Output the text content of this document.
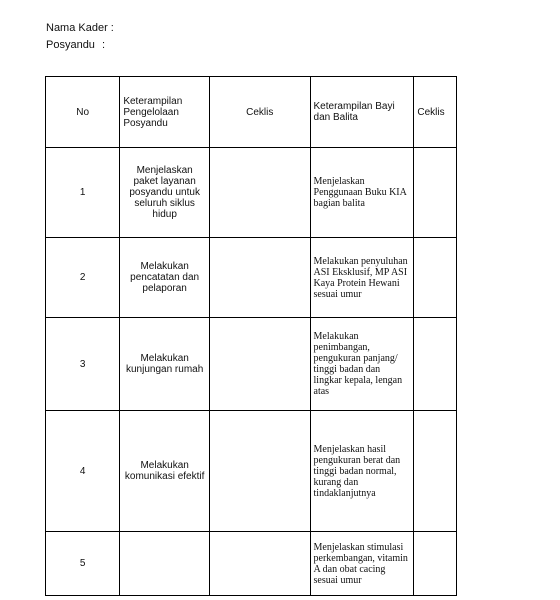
Nama Kader :
Posyandu :
No	Keterampilan Pengelolaan Posyandu	Ceklis	Keterampilan Bayi dan Balita	Ceklis
1	Menjelaskan paket layanan posyandu untuk seluruh siklus hidup		Menjelaskan Penggunaan Buku KIA bagian balita	
2	Melakukan pencatatan dan pelaporan		Melakukan penyuluhan ASI Eksklusif, MP ASI Kaya Protein Hewani sesuai umur	
3	Melakukan kunjungan rumah		Melakukan penimbangan, pengukuran panjang/ tinggi badan dan lingkar kepala, lengan atas	
4	Melakukan komunikasi efektif		Menjelaskan hasil pengukuran berat dan tinggi badan normal, kurang dan tindaklanjutnya	
5			Menjelaskan stimulasi perkembangan, vitamin A dan obat cacing sesuai umur	
